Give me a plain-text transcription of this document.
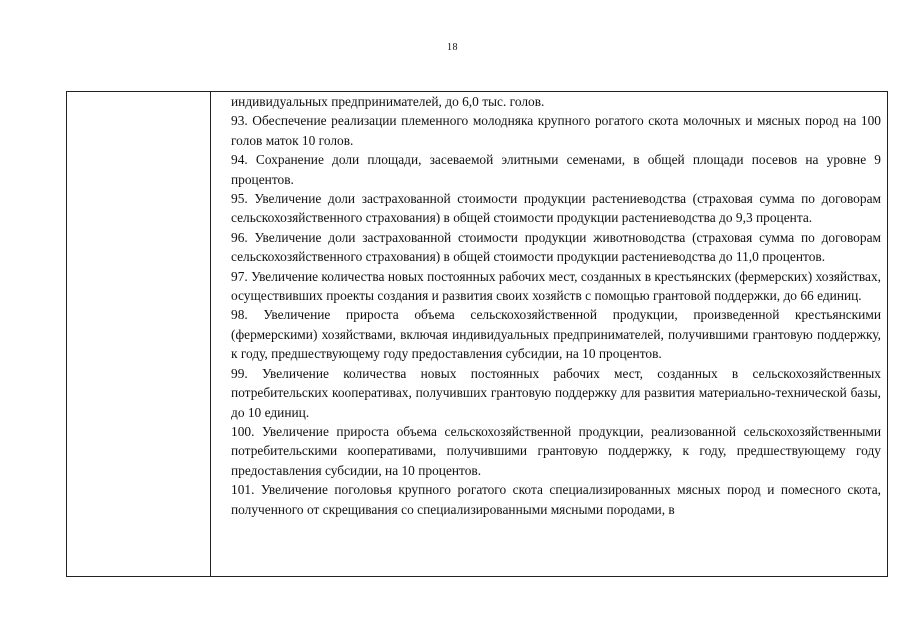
18

индивидуальных предпринимателей, до 6,0 тыс. голов.

93. Обеспечение реализации племенного молодняка крупного рогатого скота молочных и мясных пород на 100 голов маток 10 голов.

94. Сохранение доли площади, засеваемой элитными семенами, в общей площади посевов на уровне 9 процентов.

95. Увеличение доли застрахованной стоимости продукции растениеводства (страховая сумма по договорам сельскохозяйственного страхования) в общей стоимости продукции растениеводства до 9,3 процента.

96. Увеличение доли застрахованной стоимости продукции животноводства (страховая сумма по договорам сельскохозяйственного страхования) в общей стоимости продукции растениеводства до 11,0 процентов.

97. Увеличение количества новых постоянных рабочих мест, созданных в крестьянских (фермерских) хозяйствах, осуществивших проекты создания и развития своих хозяйств с помощью грантовой поддержки, до 66 единиц.

98. Увеличение прироста объема сельскохозяйственной продукции, произведенной крестьянскими (фермерскими) хозяйствами, включая индивидуальных предпринимателей, получившими грантовую поддержку, к году, предшествующему году предоставления субсидии, на 10 процентов.

99. Увеличение количества новых постоянных рабочих мест, созданных в сельскохозяйственных потребительских кооперативах, получивших грантовую поддержку для развития материально-технической базы, до 10 единиц.

100. Увеличение прироста объема сельскохозяйственной продукции, реализованной сельскохозяйственными потребительскими кооперативами, получившими грантовую поддержку, к году, предшествующему году предоставления субсидии, на 10 процентов.

101. Увеличение поголовья крупного рогатого скота специализированных мясных пород и помесного скота, полученного от скрещивания со специализированными мясными породами, в
